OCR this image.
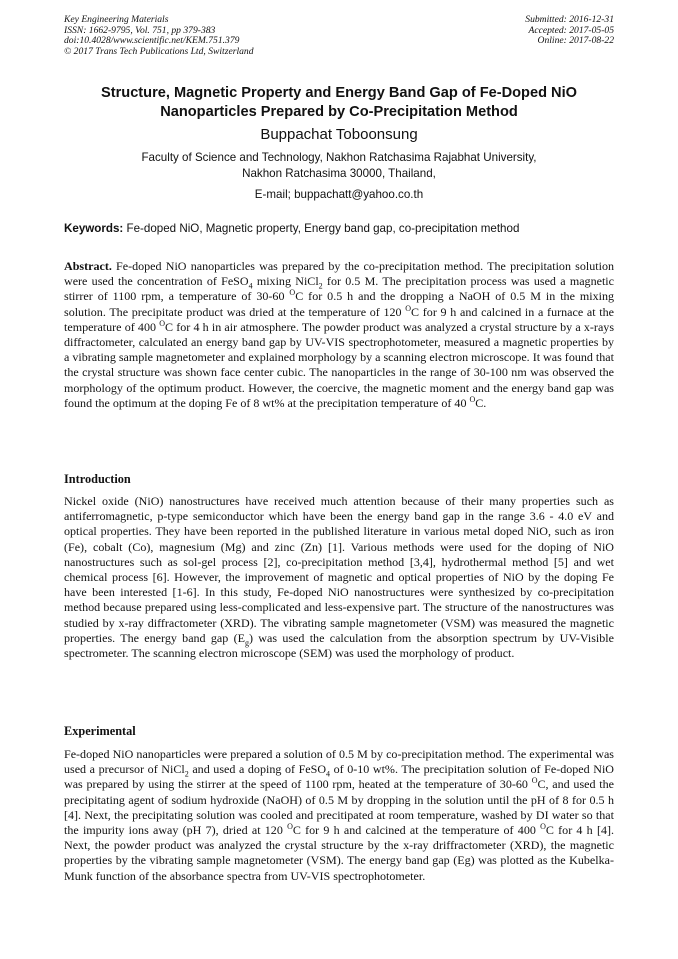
Key Engineering Materials
ISSN: 1662-9795, Vol. 751, pp 379-383
doi:10.4028/www.scientific.net/KEM.751.379
© 2017 Trans Tech Publications Ltd, Switzerland
Submitted: 2016-12-31
Accepted: 2017-05-05
Online: 2017-08-22
Structure, Magnetic Property and Energy Band Gap of Fe-Doped NiO
Nanoparticles Prepared by Co-Precipitation Method
Buppachat Toboonsung
Faculty of Science and Technology, Nakhon Ratchasima Rajabhat University,
Nakhon Ratchasima 30000, Thailand,
E-mail; buppachatt@yahoo.co.th
Keywords: Fe-doped NiO, Magnetic property, Energy band gap, co-precipitation method
Abstract. Fe-doped NiO nanoparticles was prepared by the co-precipitation method. The precipitation solution were used the concentration of FeSO$_4$ mixing NiCl$_2$ for 0.5 M. The precipitation process was used a magnetic stirrer of 1100 rpm, a temperature of 30-60 $^O$C for 0.5 h and the dropping a NaOH of 0.5 M in the mixing solution. The precipitate product was dried at the temperature of 120 $^O$C for 9 h and calcined in a furnace at the temperature of 400 $^O$C for 4 h in air atmosphere. The powder product was analyzed a crystal structure by a x-rays diffractometer, calculated an energy band gap by UV-VIS spectrophotometer, measured a magnetic properties by a vibrating sample magnetometer and explained morphology by a scanning electron microscope. It was found that the crystal structure was shown face center cubic. The nanoparticles in the range of 30-100 nm was observed the morphology of the optimum product. However, the coercive, the magnetic moment and the energy band gap was found the optimum at the doping Fe of 8 wt% at the precipitation temperature of 40 $^O$C.
Introduction
Nickel oxide (NiO) nanostructures have received much attention because of their many properties such as antiferromagnetic, p-type semiconductor which have been the energy band gap in the range 3.6 - 4.0 eV and optical properties. They have been reported in the published literature in various metal doped NiO, such as iron (Fe), cobalt (Co), magnesium (Mg) and zinc (Zn) [1]. Various methods were used for the doping of NiO nanostructures such as sol-gel process [2], co-precipitation method [3,4], hydrothermal method [5] and wet chemical process [6]. However, the improvement of magnetic and optical properties of NiO by the doping Fe have been interested [1-6]. In this study, Fe-doped NiO nanostructures were synthesized by co-precipitation method because prepared using less-complicated and less-expensive part. The structure of the nanostructures was studied by x-ray diffractometer (XRD). The vibrating sample magnetometer (VSM) was measured the magnetic properties. The energy band gap $(E_g)$ was used the calculation from the absorption spectrum by UV-Visible spectrometer. The scanning electron microscope (SEM) was used the morphology of product.
Experimental
Fe-doped NiO nanoparticles were prepared a solution of 0.5 M by co-precipitation method. The experimental was used a precursor of NiCl$_2$ and used a doping of FeSO$_4$ of 0-10 wt%. The precipitation solution of Fe-doped NiO was prepared by using the stirrer at the speed of 1100 rpm, heated at the temperature of 30-60 $^O$C, and used the precipitating agent of sodium hydroxide (NaOH) of 0.5 M by dropping in the solution until the pH of 8 for 0.5 h [4]. Next, the precipitating solution was cooled and precitipated at room temperature, washed by DI water so that the impurity ions away (pH 7), dried at 120 $^O$C for 9 h and calcined at the temperature of 400 $^O$C for 4 h [4]. Next, the powder product was analyzed the crystal structure by the x-ray driffractometer (XRD), the magnetic properties by the vibrating sample magnetometer (VSM). The energy band gap (Eg) was plotted as the Kubelka-Munk function of the absorbance spectra from UV-VIS spectrophotometer.
